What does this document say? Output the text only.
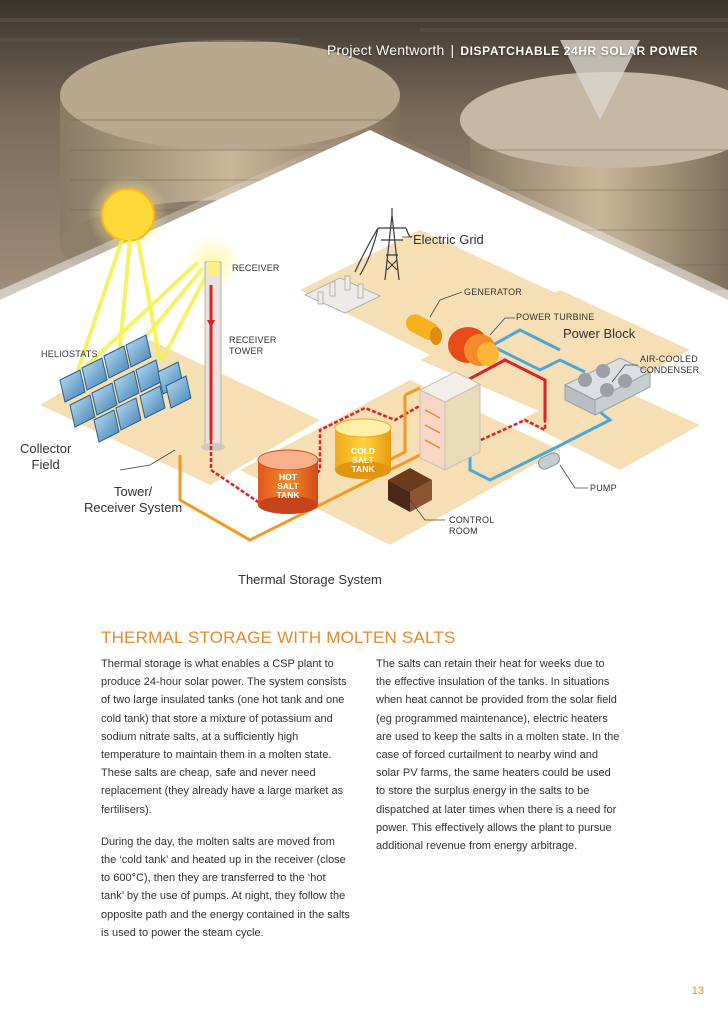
Electric Grid
RECEIVER
GENERATOR
POWER TURBINE
Power Block
HELIOSTATS
RECEIVER
TOWER
AIR-COOLED
CONDENSER
Collector
Field
Tower/
Receiver System
HOT
SALT
TANK
COLD
SALT
TANK
PUMP
CONTROL
ROOM
Thermal Storage System
Project Wentworth | DISPATCHABLE 24HR SOLAR POWER
THERMAL STORAGE WITH MOLTEN SALTS

Thermal storage is what enables a CSP plant to produce 24-hour solar power. The system consists of two large insulated tanks (one hot tank and one cold tank) that store a mixture of potassium and sodium nitrate salts, at a sufficiently high temperature to maintain them in a molten state. These salts are cheap, safe and never need replacement (they already have a large market as fertilisers).

During the day, the molten salts are moved from the ‘cold tank’ and heated up in the receiver (close to 600°C), then they are transferred to the ‘hot tank’ by the use of pumps. At night, they follow the opposite path and the energy contained in the salts is used to power the steam cycle.

The salts can retain their heat for weeks due to the effective insulation of the tanks. In situations when heat cannot be provided from the solar field (eg programmed maintenance), electric heaters are used to keep the salts in a molten state. In the case of forced curtailment to nearby wind and solar PV farms, the same heaters could be used to store the surplus energy in the salts to be dispatched at later times when there is a need for power. This effectively allows the plant to pursue additional revenue from energy arbitrage.

13
